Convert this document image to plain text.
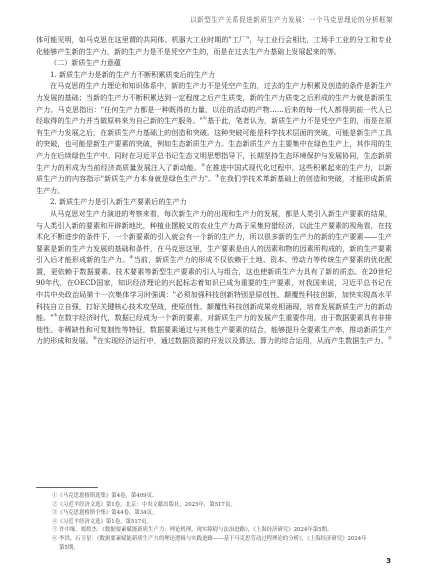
以新型生产关系促进新质生产力发展：一个马克思理论的分析框架

体可能见明，如马克思在这里谓的共同体、机器大工业时期的"工厂"，与工业行会相比，工场手工业的分工和专业化能够产生新的生产力，新的生产力是不是凭空产生的，而是在过去生产力基础上发展起来的等。

（二）新质生产力意蕴

1. 新质生产力是新的生产力不断积累质变后的生产力

在马克思的生产力理论和知识体系中，新的生产力不是凭空产生的，过去的生产力积累及创造的条件是新生产力发展的基础；当新的生产力不断积累达到一定程度之后产生质变，新的生产力质变之后形成的生产力就是新质生产力。马克思指出："任何生产力都是一种既得的力量，以往的活动的产物……后来的每一代人都得到前一代人已经取得的生产力并当做原料来为自己新的生产服务。"①基于此，笔者认为，新质生产力不是凭空产生的，而是在原有生产力发展之后，在新质生产力基础上的创造和突破。这种突破可能是科学技术层面的突破，可能是新生产工具的突破，也可能是新生产要素的突破，例如生态新质生产力。生态新质生产力主要集中在绿色生产上，其作用的生产力在后续绿色生产中。同时在习近平总书记生态文明思想指导下，长期坚持生态环境保护与发展协同，生态新质生产力的形成为当前经济高质量发展注入了新动能。②在推进中国式现代化过程中，这些积累起来的生产力，以新质生产力的内容指示"新质生产力本身就是绿色生产力"。③在我们学技术革新基础上的创造和突破，才能形成新质生产力。

2. 新质生产力是引入新生产要素后的生产力

从马克思对生产力演进的考察来看，每次新生产力的出现和生产力的发展，都是人类引入新生产要素的结果，与人类引入新的要素和开辟新地比，种植业摆脱又的农业生产力高于采集狩猎经济，以此生产要素的视角看，在技术化不断进步的条件下，一个新要素的引入就会有一个新的生产力，所以很多新的生产力的新的生产要素——生产要素是新的生产力发展的基础和条件，在马克思这里，生产要素是由人的因素和物的因素所构成的，新的生产要素引入后才能形成新的生产力。④当前，新质生产力的形成不仅依赖于土地、资本、劳动力等传统生产要素的优化配置，更依赖于数据要素、技术要素等新型生产要素的引入与组合，这也使新质生产力具有了新的质态。在20世纪90年代，在OECD国家，知识经济理论的兴起标志着知识已成为重要的生产要素，对我国来说，习近平总书记在中共中央政治局第十一次集体学习时强调："必须加强科技创新特别是原创性、颠覆性科技创新，加快实现高水平科技自立自强，打好关键核心技术攻坚战，使原创性、颠覆性科技创新成果竞相涌现，培育发展新质生产力的新动能。"⑤在数字经济时代，数据已经成为一个新的要素，对新质生产力的发展产生重要作用，由于数据要素具有非排他性、非稀缺性和可复制性等特征，数据要素通过与其他生产要素的结合，能够提升全要素生产率，推动新质生产力的形成和发展。⑥在实现经济运行中，通过数据资源的开发以及算法、算力的综合运用，从而产生数据生产力。⑦

①《马克思恩格斯选集》第4卷，第409页。
②《习近平经济文选》第1卷，北京：中央文献出版社，2025年，第517页。
③《马克思恩格斯全集》第44卷，第34页。
④《习近平经济文选》第1卷，第517页。
⑤ 许中缘、郑煌杰：《数据要素赋能新质生产力：理论机理、现实障碍与法治进路》，《上海经济研究》2024年第5期。
⑥ 李洪、石卫星：《数据要素赋能新质生产力的理论逻辑与实践进路——基于马克思劳动过程理论的分析》，《上海经济研究》2024年
第5期。
3
